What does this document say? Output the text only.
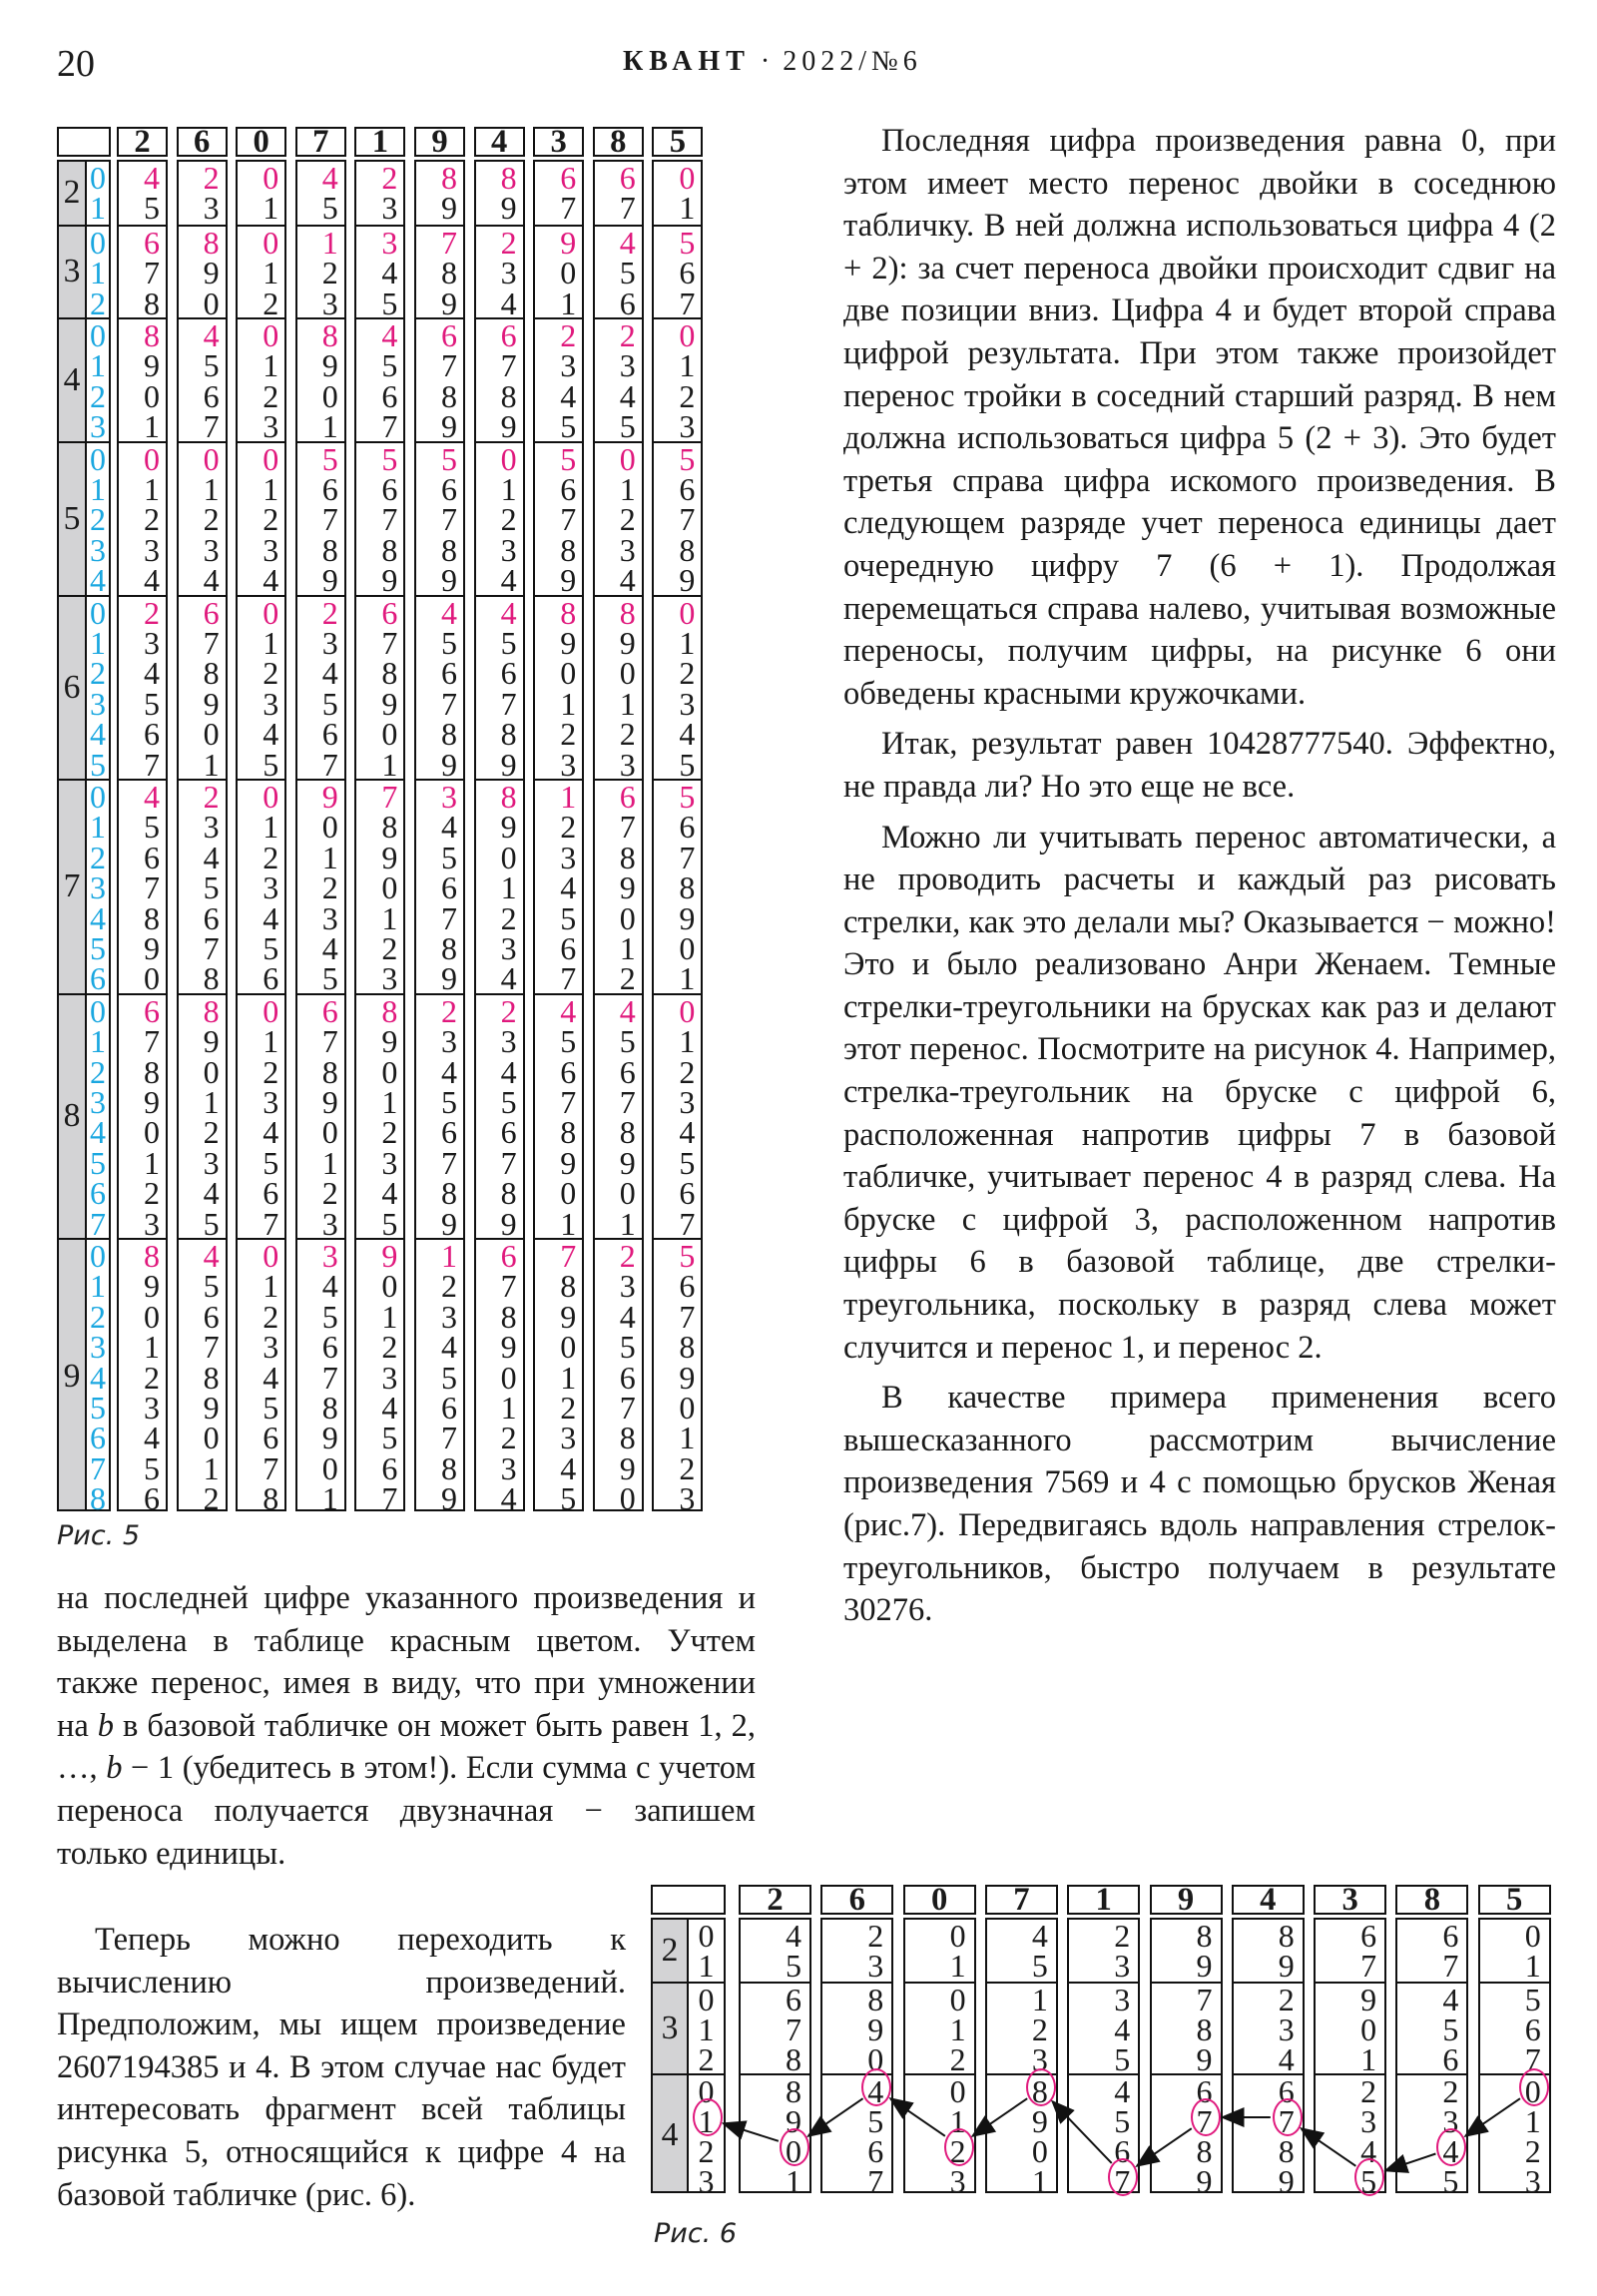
20	КВАНТ · 2022/№6
2
3
4
5
6
7
8
9
0
1
0
1
2
0
1
2
3
0
1
2
3
4
0
1
2
3
4
5
0
1
2
3
4
5
6
0
1
2
3
4
5
6
7
0
1
2
3
4
5
6
7
8
2
4
5
6
7
8
8
9
0
1
0
1
2
3
4
2
3
4
5
6
7
4
5
6
7
8
9
0
6
7
8
9
0
1
2
3
8
9
0
1
2
3
4
5
6
6
2
3
8
9
0
4
5
6
7
0
1
2
3
4
6
7
8
9
0
1
2
3
4
5
6
7
8
8
9
0
1
2
3
4
5
4
5
6
7
8
9
0
1
2
0
0
1
0
1
2
0
1
2
3
0
1
2
3
4
0
1
2
3
4
5
0
1
2
3
4
5
6
0
1
2
3
4
5
6
7
0
1
2
3
4
5
6
7
8
7
4
5
1
2
3
8
9
0
1
5
6
7
8
9
2
3
4
5
6
7
9
0
1
2
3
4
5
6
7
8
9
0
1
2
3
3
4
5
6
7
8
9
0
1
1
2
3
3
4
5
4
5
6
7
5
6
7
8
9
6
7
8
9
0
1
7
8
9
0
1
2
3
8
9
0
1
2
3
4
5
9
0
1
2
3
4
5
6
7
9
8
9
7
8
9
6
7
8
9
5
6
7
8
9
4
5
6
7
8
9
3
4
5
6
7
8
9
2
3
4
5
6
7
8
9
1
2
3
4
5
6
7
8
9
4
8
9
2
3
4
6
7
8
9
0
1
2
3
4
4
5
6
7
8
9
8
9
0
1
2
3
4
2
3
4
5
6
7
8
9
6
7
8
9
0
1
2
3
4
3
6
7
9
0
1
2
3
4
5
5
6
7
8
9
8
9
0
1
2
3
1
2
3
4
5
6
7
4
5
6
7
8
9
0
1
7
8
9
0
1
2
3
4
5
8
6
7
4
5
6
2
3
4
5
0
1
2
3
4
8
9
0
1
2
3
6
7
8
9
0
1
2
4
5
6
7
8
9
0
1
2
3
4
5
6
7
8
9
0
5
0
1
5
6
7
0
1
2
3
5
6
7
8
9
0
1
2
3
4
5
5
6
7
8
9
0
1
0
1
2
3
4
5
6
7
5
6
7
8
9
0
1
2
3
Рис. 5
2
3
4
0
1
0
1
2
0
1
2
3
2
4
5
6
7
8
8
9
0
1
6
2
3
8
9
0
4
5
6
7
0
0
1
0
1
2
0
1
2
3
7
4
5
1
2
3
8
9
0
1
1
2
3
3
4
5
4
5
6
7
9
8
9
7
8
9
6
7
8
9
4
8
9
2
3
4
6
7
8
9
3
6
7
9
0
1
2
3
4
5
8
6
7
4
5
6
2
3
4
5
5
0
1
5
6
7
0
1
2
3
Рис. 6

на последней цифре указанного произведения и выделена в таблице красным цветом. Учтем также перенос, имея в виду, что при умножении на b в базовой табличке он может быть равен 1, 2, …, b − 1 (убедитесь в этом!). Если сумма с учетом переноса получается двузначная − запишем только единицы.

Теперь можно переходить к вычислению произведений. Предположим, мы ищем произведение 2607194385 и 4. В этом случае нас будет интересовать фрагмент всей таблицы рисунка 5, относящийся к цифре 4 на базовой табличке (рис. 6).

Последняя цифра произведения равна 0, при этом имеет место перенос двойки в соседнюю табличку. В ней должна использоваться цифра 4 (2 + 2): за счет переноса двойки происходит сдвиг на две позиции вниз. Цифра 4 и будет второй справа цифрой результата. При этом также произойдет перенос тройки в соседний старший разряд. В нем должна использоваться цифра 5 (2 + 3). Это будет третья справа цифра искомого произведения. В следующем разряде учет переноса единицы дает очередную цифру 7 (6 + 1). Продолжая перемещаться справа налево, учитывая возможные переносы, получим цифры, на рисунке 6 они обведены красными кружочками.

Итак, результат равен 10428777540. Эффектно, не правда ли? Но это еще не все.

Можно ли учитывать перенос автоматически, а не проводить расчеты и каждый раз рисовать стрелки, как это делали мы? Оказывается − можно! Это и было реализовано Анри Женаем. Темные стрелки-треугольники на брусках как раз и делают этот перенос. Посмотрите на рисунок 4. Например, стрелка-треугольник на бруске с цифрой 6, расположенная напротив цифры 7 в базовой табличке, учитывает перенос 4 в разряд слева. На бруске с цифрой 3, расположенном напротив цифры 6 в базовой таблице, две стрелки-треугольника, поскольку в разряд слева может случится и перенос 1, и перенос 2.

В качестве примера применения всего вышесказанного рассмотрим вычисление произведения 7569 и 4 с помощью брусков Женая (рис.7). Передвигаясь вдоль направления стрелок-треугольников, быстро получаем в результате 30276.
